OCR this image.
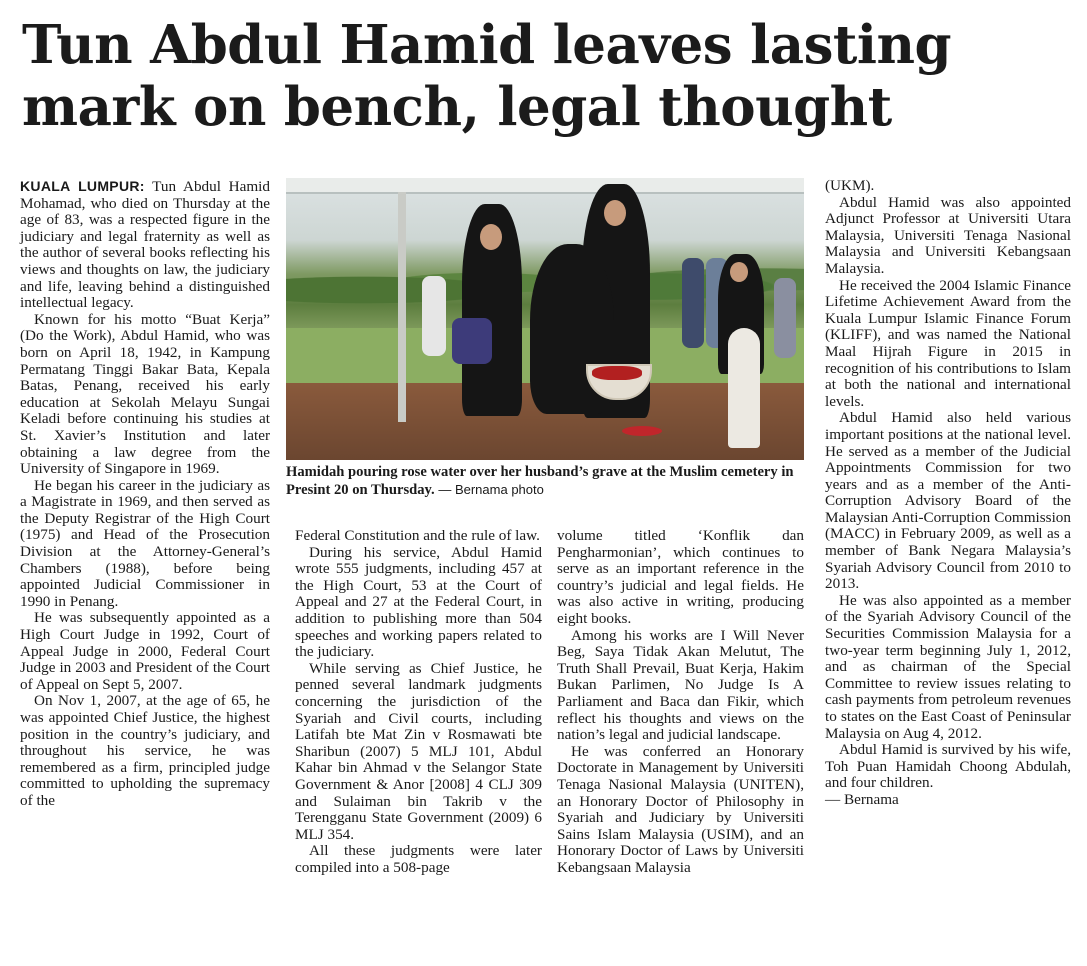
Tun Abdul Hamid leaves lasting mark on bench, legal thought

KUALA LUMPUR: Tun Abdul Hamid Mohamad, who died on Thursday at the age of 83, was a respected figure in the judiciary and legal fraternity as well as the author of several books reflecting his views and thoughts on law, the judiciary and life, leaving behind a distinguished intellectual legacy.

Known for his motto “Buat Kerja” (Do the Work), Abdul Hamid, who was born on April 18, 1942, in Kampung Permatang Tinggi Bakar Bata, Kepala Batas, Penang, received his early education at Sekolah Melayu Sungai Keladi before continuing his studies at St. Xavier’s Institution and later obtaining a law degree from the University of Singapore in 1969.

He began his career in the judiciary as a Magistrate in 1969, and then served as the Deputy Registrar of the High Court (1975) and Head of the Prosecution Division at the Attorney-General’s Chambers (1988), before being appointed Judicial Commissioner in 1990 in Penang.

He was subsequently appointed as a High Court Judge in 1992, Court of Appeal Judge in 2000, Federal Court Judge in 2003 and President of the Court of Appeal on Sept 5, 2007.

On Nov 1, 2007, at the age of 65, he was appointed Chief Justice, the highest position in the country’s judiciary, and throughout his service, he was remembered as a firm, principled judge committed to upholding the supremacy of the

Hamidah pouring rose water over her husband’s grave at the Muslim cemetery in Presint 20 on Thursday. — Bernama photo

Federal Constitution and the rule of law.

During his service, Abdul Hamid wrote 555 judgments, including 457 at the High Court, 53 at the Court of Appeal and 27 at the Federal Court, in addition to publishing more than 504 speeches and working papers related to the judiciary.

While serving as Chief Justice, he penned several landmark judgments concerning the jurisdiction of the Syariah and Civil courts, including Latifah bte Mat Zin v Rosmawati bte Sharibun (2007) 5 MLJ 101, Abdul Kahar bin Ahmad v the Selangor State Government & Anor [2008] 4 CLJ 309 and Sulaiman bin Takrib v the Terengganu State Government (2009) 6 MLJ 354.

All these judgments were later compiled into a 508-page

volume titled ‘Konflik dan Pengharmonian’, which continues to serve as an important reference in the country’s judicial and legal fields. He was also active in writing, producing eight books.

Among his works are I Will Never Beg, Saya Tidak Akan Melutut, The Truth Shall Prevail, Buat Kerja, Hakim Bukan Parlimen, No Judge Is A Parliament and Baca dan Fikir, which reflect his thoughts and views on the nation’s legal and judicial landscape.

He was conferred an Honorary Doctorate in Management by Universiti Tenaga Nasional Malaysia (UNITEN), an Honorary Doctor of Philosophy in Syariah and Judiciary by Universiti Sains Islam Malaysia (USIM), and an Honorary Doctor of Laws by Universiti Kebangsaan Malaysia

(UKM).

Abdul Hamid was also appointed Adjunct Professor at Universiti Utara Malaysia, Universiti Tenaga Nasional Malaysia and Universiti Kebangsaan Malaysia.

He received the 2004 Islamic Finance Lifetime Achievement Award from the Kuala Lumpur Islamic Finance Forum (KLIFF), and was named the National Maal Hijrah Figure in 2015 in recognition of his contributions to Islam at both the national and international levels.

Abdul Hamid also held various important positions at the national level. He served as a member of the Judicial Appointments Commission for two years and as a member of the Anti-Corruption Advisory Board of the Malaysian Anti-Corruption Commission (MACC) in February 2009, as well as a member of Bank Negara Malaysia’s Syariah Advisory Council from 2010 to 2013.

He was also appointed as a member of the Syariah Advisory Council of the Securities Commission Malaysia for a two-year term beginning July 1, 2012, and as chairman of the Special Committee to review issues relating to cash payments from petroleum revenues to states on the East Coast of Peninsular Malaysia on Aug 4, 2012.

Abdul Hamid is survived by his wife, Toh Puan Hamidah Choong Abdulah, and four children.

— Bernama
